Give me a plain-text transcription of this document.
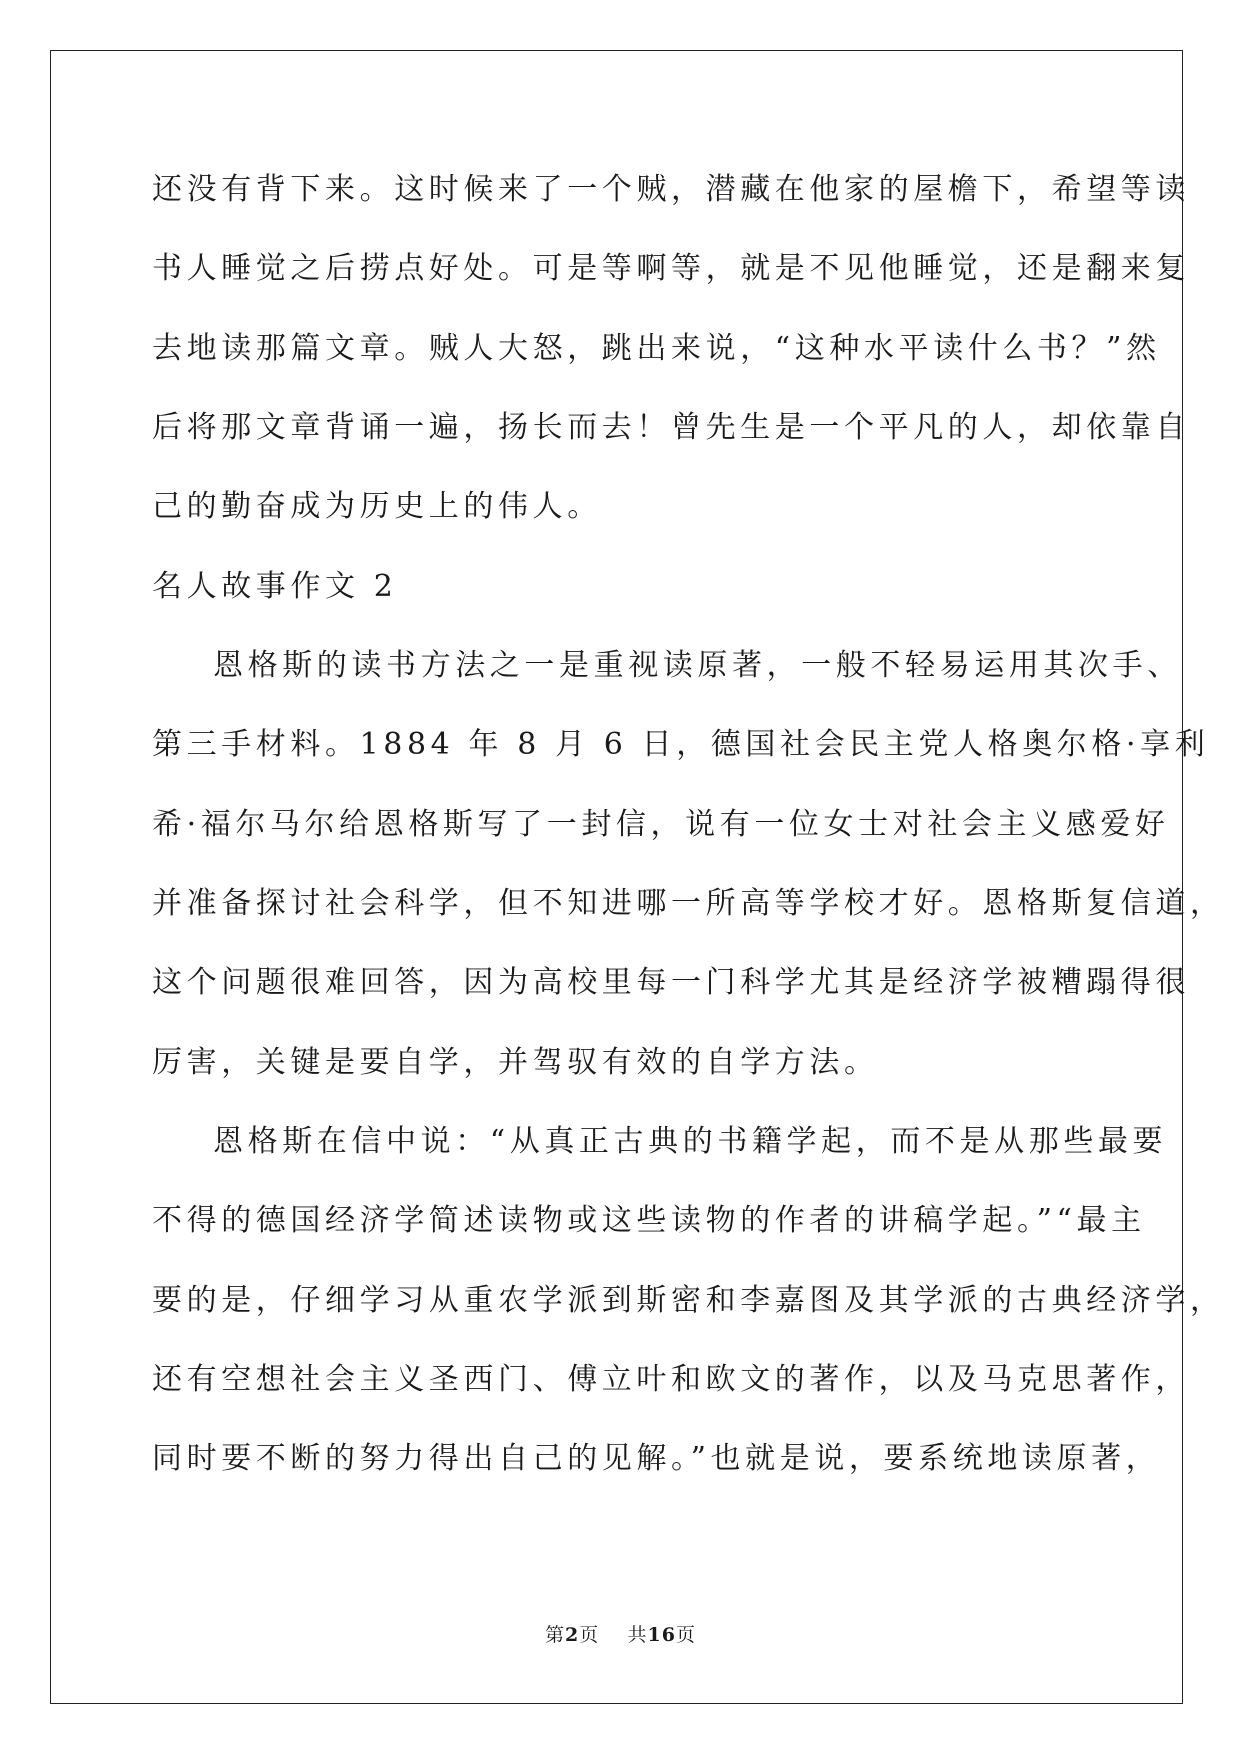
还没有背下来。这时候来了一个贼，潜藏在他家的屋檐下，希望等读
书人睡觉之后捞点好处。可是等啊等，就是不见他睡觉，还是翻来复
去地读那篇文章。贼人大怒，跳出来说，“这种水平读什么书？”然
后将那文章背诵一遍，扬长而去！曾先生是一个平凡的人，却依靠自
己的勤奋成为历史上的伟人。
名人故事作文 2
恩格斯的读书方法之一是重视读原著，一般不轻易运用其次手、
第三手材料。1884 年 8 月 6 日，德国社会民主党人格奥尔格·享利
希·福尔马尔给恩格斯写了一封信，说有一位女士对社会主义感爱好
并准备探讨社会科学，但不知进哪一所高等学校才好。恩格斯复信道，
这个问题很难回答，因为高校里每一门科学尤其是经济学被糟蹋得很
厉害，关键是要自学，并驾驭有效的自学方法。
恩格斯在信中说：“从真正古典的书籍学起，而不是从那些最要
不得的德国经济学简述读物或这些读物的作者的讲稿学起。”“最主
要的是，仔细学习从重农学派到斯密和李嘉图及其学派的古典经济学，
还有空想社会主义圣西门、傅立叶和欧文的著作，以及马克思著作，
同时要不断的努力得出自己的见解。”也就是说，要系统地读原著，
第2页 共16页
